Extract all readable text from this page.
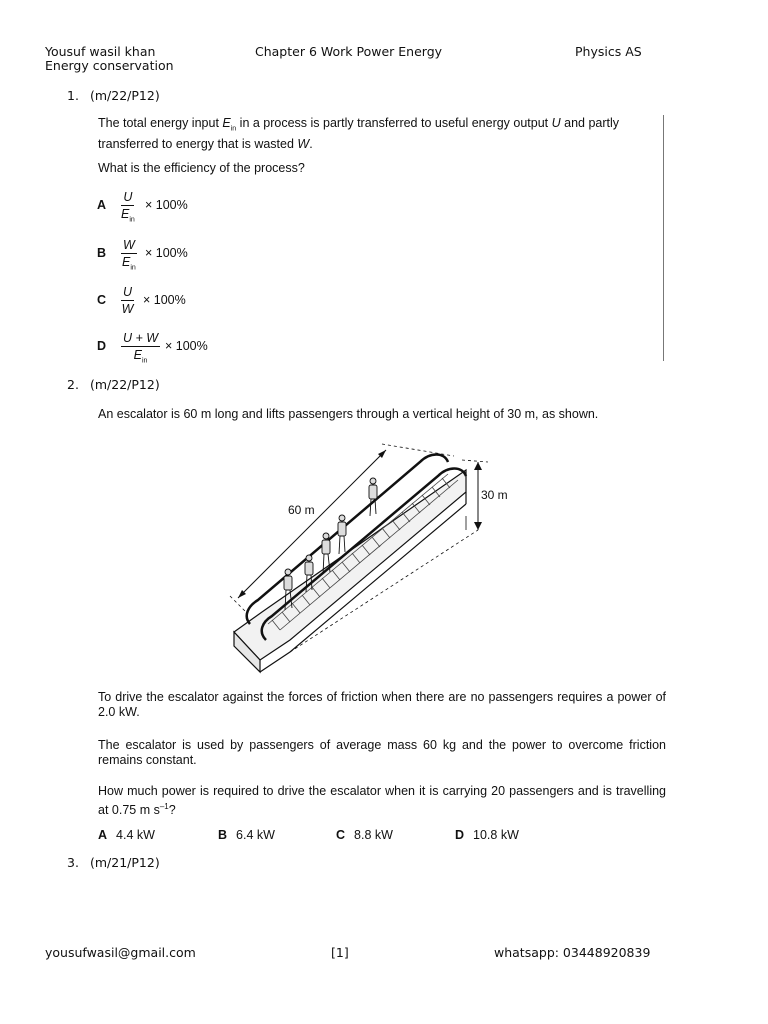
Yousuf wasil khan
Energy conservation
Chapter 6 Work Power Energy	Physics AS
1. (m/22/P12)
The total energy input $E_{in}$ in a process is partly transferred to useful energy output U and partly
transferred to energy that is wasted W.
What is the efficiency of the process?
A
U
$E_{in}$
× 100%
B
W
$E_{in}$
× 100%
C $\frac{U}{W} \times 100\%$
D
U + W
$E_{in}$
× 100%
2. (m/22/P12)
An escalator is 60 m long and lifts passengers through a vertical height of 30 m, as shown.
60 m
30 m
To drive the escalator against the forces of friction when there are no passengers requires a power of 2.0 kW.
The escalator is used by passengers of average mass 60 kg and the power to overcome friction remains constant.
How much power is required to drive the escalator when it is carrying 20 passengers and is travelling at 0.75 m $s^{-1}$?
A 4.4 kW	B 6.4 kW	C 8.8 kW	D 10.8 kW
3. (m/21/P12)
yousufwasil@gmail.com	[1]	whatsapp: 03448920839
